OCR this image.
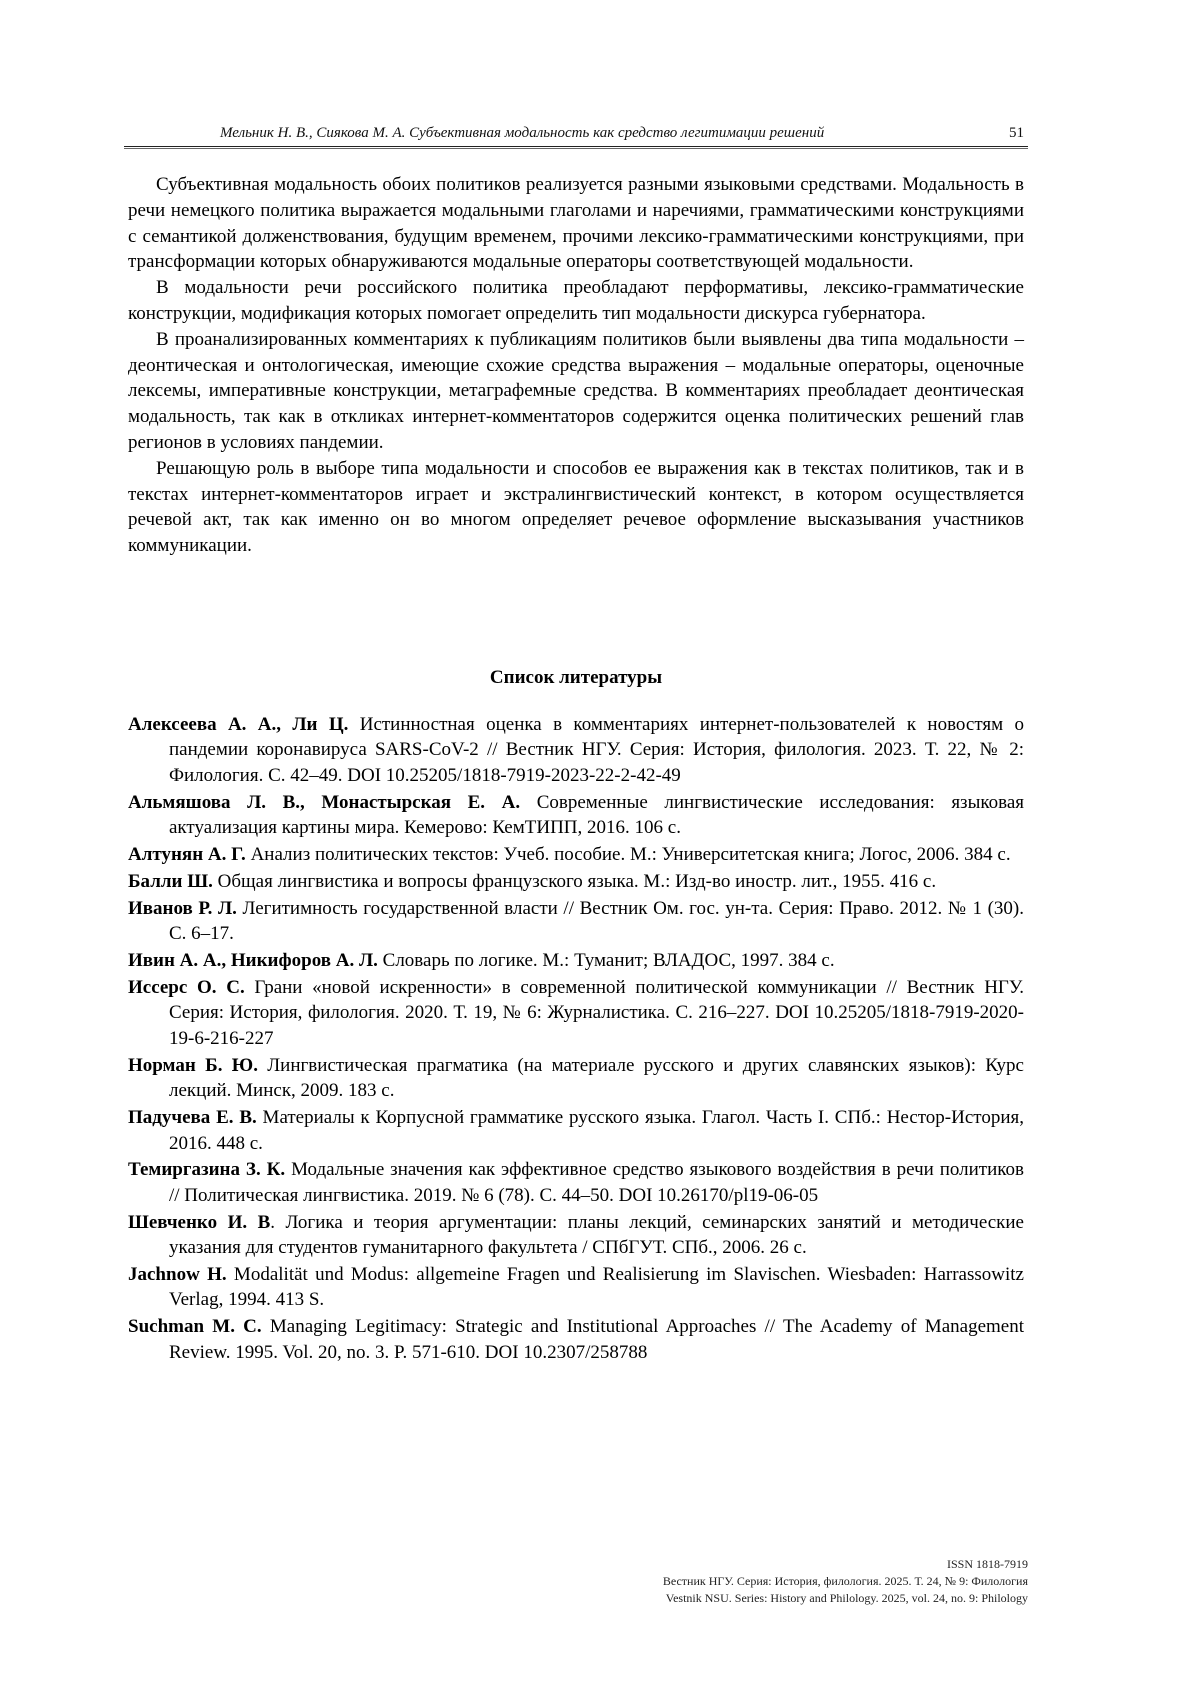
Мельник Н. В., Сиякова М. А. Субъективная модальность как средство легитимации решений	51

Субъективная модальность обоих политиков реализуется разными языковыми средствами. Модальность в речи немецкого политика выражается модальными глаголами и наречиями, грамматическими конструкциями с семантикой долженствования, будущим временем, прочими лексико-грамматическими конструкциями, при трансформации которых обнаруживаются модальные операторы соответствующей модальности.

В модальности речи российского политика преобладают перформативы, лексико-грамматические конструкции, модификация которых помогает определить тип модальности дискурса губернатора.

В проанализированных комментариях к публикациям политиков были выявлены два типа модальности – деонтическая и онтологическая, имеющие схожие средства выражения – модальные операторы, оценочные лексемы, императивные конструкции, метаграфемные средства. В комментариях преобладает деонтическая модальность, так как в откликах интернет-комментаторов содержится оценка политических решений глав регионов в условиях пандемии.

Решающую роль в выборе типа модальности и способов ее выражения как в текстах политиков, так и в текстах интернет-комментаторов играет и экстралингвистический контекст, в котором осуществляется речевой акт, так как именно он во многом определяет речевое оформление высказывания участников коммуникации.

Список литературы

Алексеева А. А., Ли Ц. Истинностная оценка в комментариях интернет-пользователей к новостям о пандемии коронавируса SARS-CoV-2 // Вестник НГУ. Серия: История, филология. 2023. Т. 22, № 2: Филология. С. 42–49. DOI 10.25205/1818-7919-2023-22-2-42-49

Альмяшова Л. В., Монастырская Е. А. Современные лингвистические исследования: языковая актуализация картины мира. Кемерово: КемТИПП, 2016. 106 с.

Алтунян А. Г. Анализ политических текстов: Учеб. пособие. М.: Университетская книга; Логос, 2006. 384 с.

Балли Ш. Общая лингвистика и вопросы французского языка. М.: Изд-во иностр. лит., 1955. 416 с.

Иванов Р. Л. Легитимность государственной власти // Вестник Ом. гос. ун-та. Серия: Право. 2012. № 1 (30). С. 6–17.

Ивин А. А., Никифоров А. Л. Словарь по логике. М.: Туманит; ВЛАДОС, 1997. 384 с.

Иссерс О. С. Грани «новой искренности» в современной политической коммуникации // Вестник НГУ. Серия: История, филология. 2020. Т. 19, № 6: Журналистика. С. 216–227. DOI 10.25205/1818-7919-2020-19-6-216-227

Норман Б. Ю. Лингвистическая прагматика (на материале русского и других славянских языков): Курс лекций. Минск, 2009. 183 с.

Падучева Е. В. Материалы к Корпусной грамматике русского языка. Глагол. Часть I. СПб.: Нестор-История, 2016. 448 с.

Темиргазина З. К. Модальные значения как эффективное средство языкового воздействия в речи политиков // Политическая лингвистика. 2019. № 6 (78). С. 44–50. DOI 10.26170/pl19-06-05

Шевченко И. В. Логика и теория аргументации: планы лекций, семинарских занятий и методические указания для студентов гуманитарного факультета / СПбГУТ. СПб., 2006. 26 с.

Jachnow H. Modalität und Modus: allgemeine Fragen und Realisierung im Slavischen. Wiesbaden: Harrassowitz Verlag, 1994. 413 S.

Suchman M. C. Managing Legitimacy: Strategic and Institutional Approaches // The Academy of Management Review. 1995. Vol. 20, no. 3. P. 571-610. DOI 10.2307/258788

ISSN 1818-7919
Вестник НГУ. Серия: История, филология. 2025. Т. 24, № 9: Филология
Vestnik NSU. Series: History and Philology. 2025, vol. 24, no. 9: Philology
